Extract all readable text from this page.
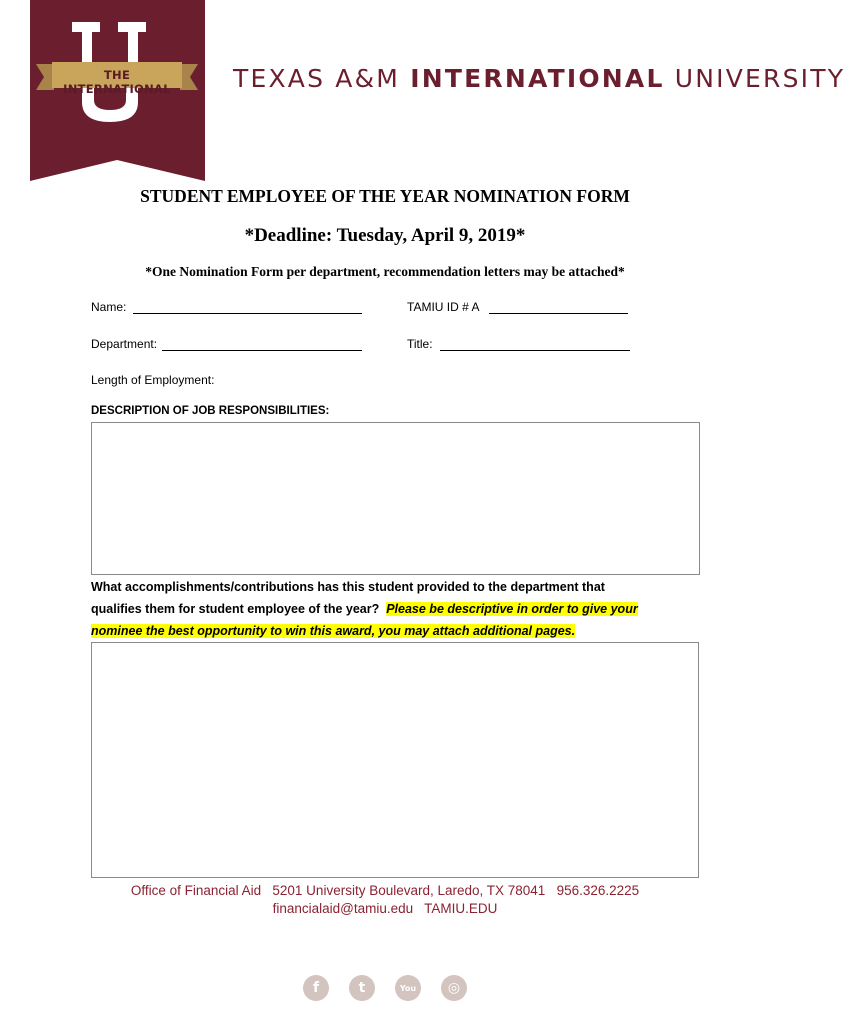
THE INTERNATIONAL	TEXAS A&M INTERNATIONAL UNIVERSITY
STUDENT EMPLOYEE OF THE YEAR NOMINATION FORM
*Deadline: Tuesday, April 9, 2019*
*One Nomination Form per department, recommendation letters may be attached*
Name:	TAMIU ID # A
Department:	Title:
Length of Employment:
DESCRIPTION OF JOB RESPONSIBILITIES:
What accomplishments/contributions has this student provided to the department that
qualifies them for student employee of the year? Please be descriptive in order to give your
nominee the best opportunity to win this award, you may attach additional pages.
Office of Financial Aid   5201 University Boulevard, Laredo, TX 78041   956.326.2225
financialaid@tamiu.edu   TAMIU.EDU
f	t	You	◎
